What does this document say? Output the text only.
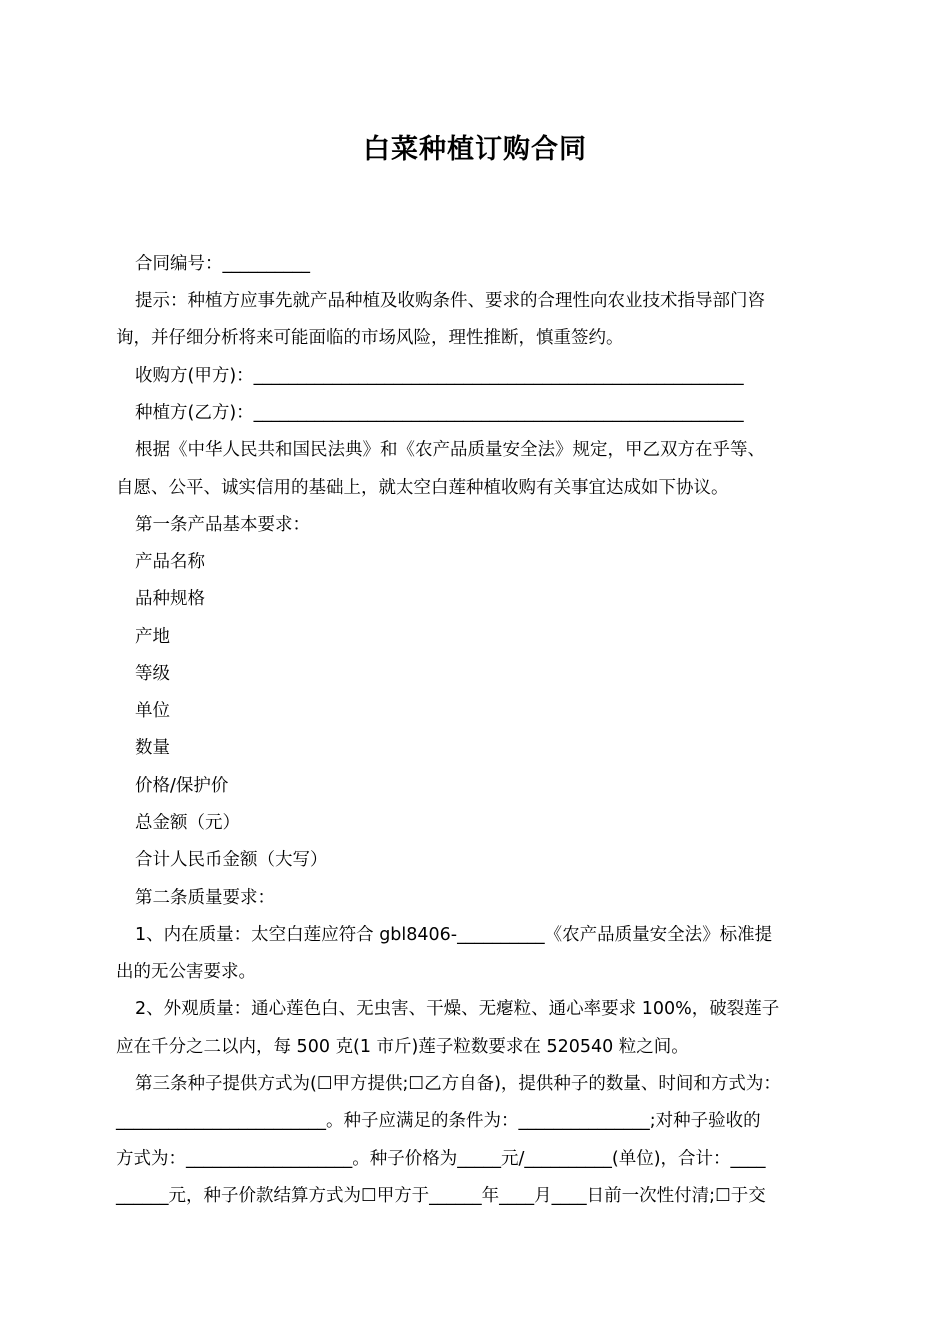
白菜种植订购合同
合同编号：__________
提示：种植方应事先就产品种植及收购条件、要求的合理性向农业技术指导部门咨
询，并仔细分析将来可能面临的市场风险，理性推断，慎重签约。
收购方(甲方)：________________________________________________________
种植方(乙方)：________________________________________________________
根据《中华人民共和国民法典》和《农产品质量安全法》规定，甲乙双方在乎等、
自愿、公平、诚实信用的基础上，就太空白莲种植收购有关事宜达成如下协议。
第一条产品基本要求：
产品名称
品种规格
产地
等级
单位
数量
价格/保护价
总金额（元）
合计人民币金额（大写）
第二条质量要求：
1、内在质量：太空白莲应符合 gbl8406-__________《农产品质量安全法》标准提
出的无公害要求。
2、外观质量：通心莲色白、无虫害、干燥、无瘪粒、通心率要求 100%，破裂莲子
应在千分之二以内，每 500 克(1 市斤)莲子粒数要求在 520540 粒之间。
第三条种子提供方式为(☐甲方提供;☐乙方自备)，提供种子的数量、时间和方式为：
________________________。种子应满足的条件为：_______________;对种子验收的
方式为：___________________。种子价格为_____元/__________(单位)，合计：____
______元，种子价款结算方式为☐甲方于______年____月____日前一次性付清;☐于交
